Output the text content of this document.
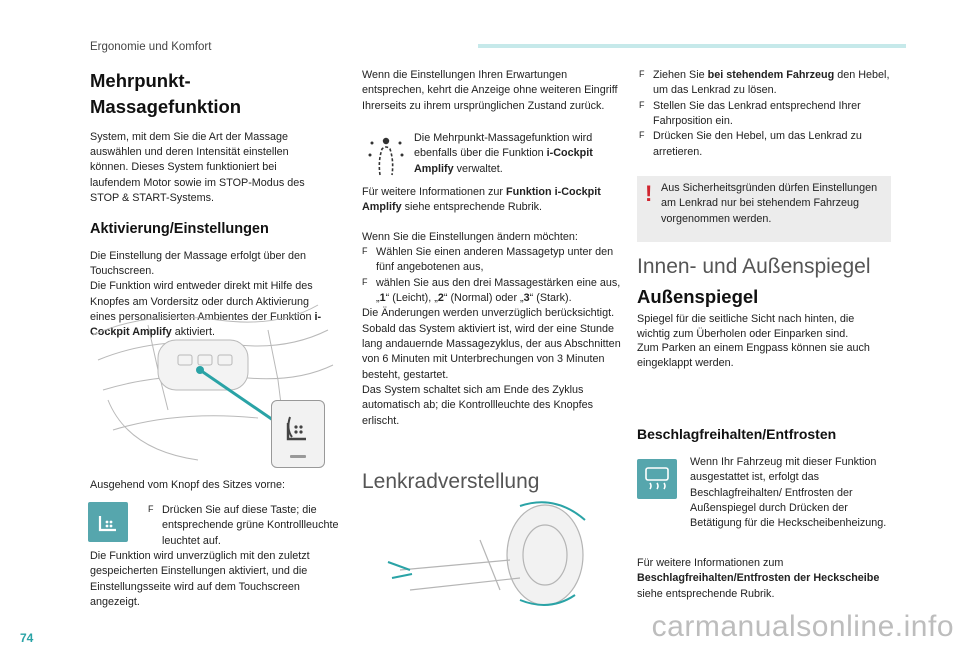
Ergonomie und Komfort
Mehrpunkt-Massagefunktion

System, mit dem Sie die Art der Massage auswählen und deren Intensität einstellen können. Dieses System funktioniert bei laufendem Motor sowie im STOP-Modus des STOP & START-Systems.

Aktivierung/Einstellungen

Die Einstellung der Massage erfolgt über den Touchscreen.

Die Funktion wird entweder direkt mit Hilfe des Knopfes am Vordersitz oder durch Aktivierung eines personalisierten Ambientes der Funktion i-Cockpit Amplify aktiviert.

Ausgehend vom Knopf des Sitzes vorne:

F Drücken Sie auf diese Taste; die entsprechende grüne Kontrollleuchte leuchtet auf.

Die Funktion wird unverzüglich mit den zuletzt gespeicherten Einstellungen aktiviert, und die Einstellungsseite wird auf dem Touchscreen angezeigt.

Wenn die Einstellungen Ihren Erwartungen entsprechen, kehrt die Anzeige ohne weiteren Eingriff Ihrerseits zu ihrem ursprünglichen Zustand zurück.

Die Mehrpunkt-Massagefunktion wird ebenfalls über die Funktion i-Cockpit Amplify verwaltet.

Für weitere Informationen zur Funktion i-Cockpit Amplify siehe entsprechende Rubrik.

Wenn Sie die Einstellungen ändern möchten:

F Wählen Sie einen anderen Massagetyp unter den fünf angebotenen aus,
F wählen Sie aus den drei Massagestärken eine aus, „1“ (Leicht), „2“ (Normal) oder „3“ (Stark).

Die Änderungen werden unverzüglich berücksichtigt.

Sobald das System aktiviert ist, wird der eine Stunde lang andauernde Massagezyklus, der aus Abschnitten von 6 Minuten mit Unterbrechungen von 3 Minuten besteht, gestartet.

Das System schaltet sich am Ende des Zyklus automatisch ab; die Kontrollleuchte des Knopfes erlischt.

Lenkradverstellung
F Ziehen Sie bei stehendem Fahrzeug den Hebel, um das Lenkrad zu lösen.
F Stellen Sie das Lenkrad entsprechend Ihrer Fahrposition ein.
F Drücken Sie den Hebel, um das Lenkrad zu arretieren.
! Aus Sicherheitsgründen dürfen Einstellungen am Lenkrad nur bei stehendem Fahrzeug vorgenommen werden.

Innen- und Außenspiegel
Außenspiegel

Spiegel für die seitliche Sicht nach hinten, die wichtig zum Überholen oder Einparken sind.

Zum Parken an einem Engpass können sie auch eingeklappt werden.

Beschlagfreihalten/Entfrosten

Wenn Ihr Fahrzeug mit dieser Funktion ausgestattet ist, erfolgt das Beschlagfreihalten/ Entfrosten der Außenspiegel durch Drücken der Betätigung für die Heckscheibenheizung.

Für weitere Informationen zum Beschlagfreihalten/Entfrosten der Heckscheibe siehe entsprechende Rubrik.

74	carmanualsonline.info
